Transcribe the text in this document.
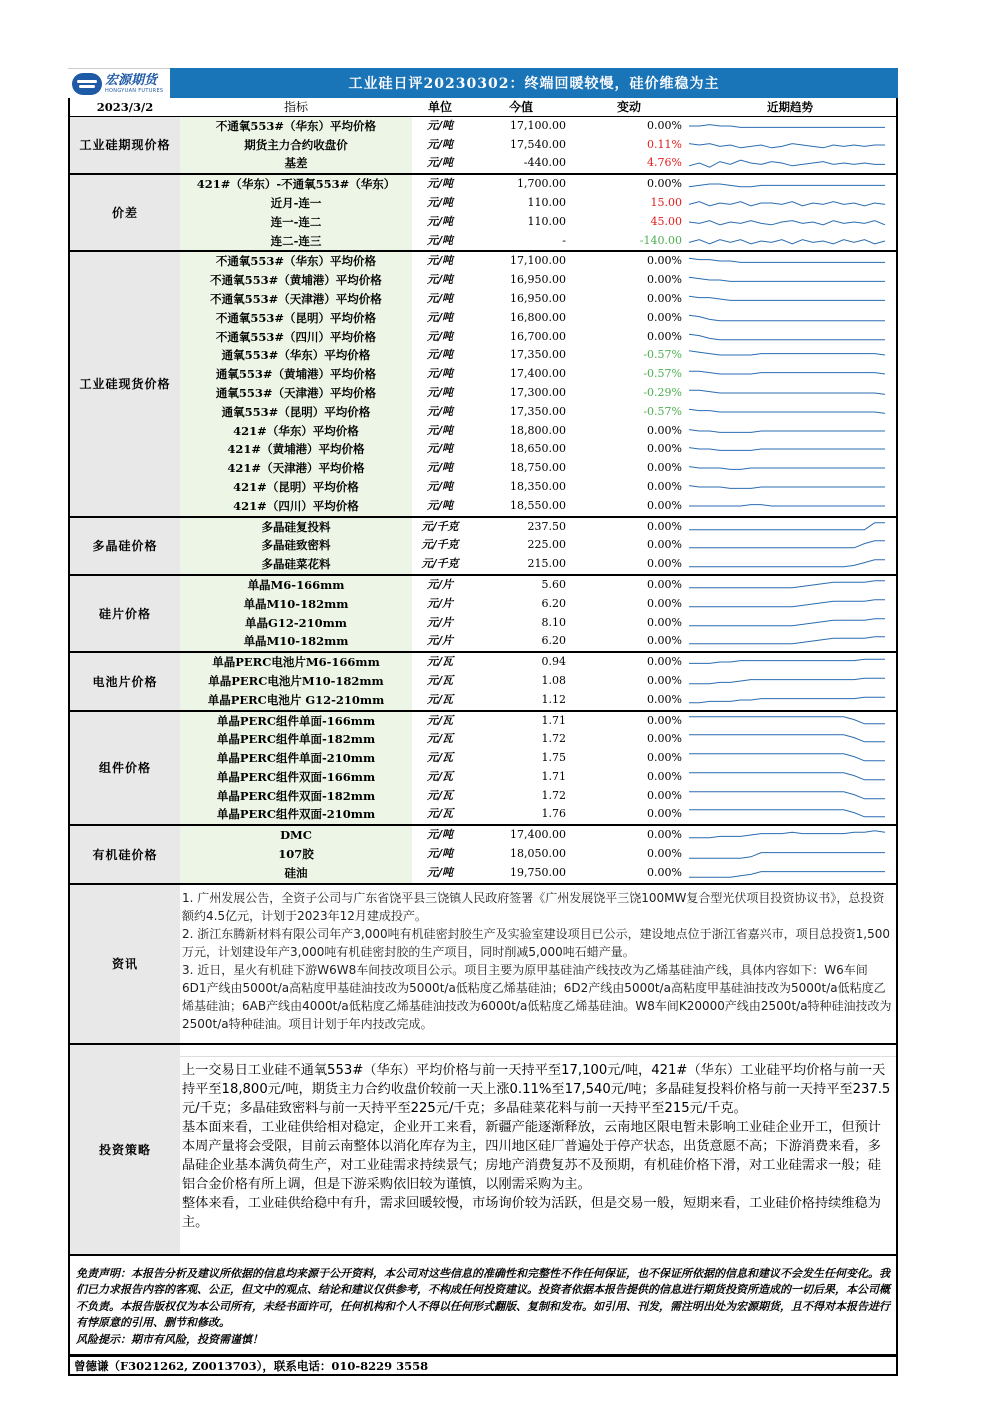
宏源期货
HONGYUAN FUTURES	工业硅日评20230302：终端回暖较慢，硅价维稳为主
2023/3/2	指标	单位	今值	变动	近期趋势
工业硅期现价格
不通氧553#（华东）平均价格	元/吨	17,100.00	0.00%
期货主力合约收盘价	元/吨	17,540.00	0.11%
基差	元/吨	-440.00	4.76%
价差
421#（华东）-不通氧553#（华东）	元/吨	1,700.00	0.00%
近月-连一	元/吨	110.00	15.00
连一-连二	元/吨	110.00	45.00
连二-连三	元/吨	-	-140.00
工业硅现货价格
不通氧553#（华东）平均价格	元/吨	17,100.00	0.00%
不通氧553#（黄埔港）平均价格	元/吨	16,950.00	0.00%
不通氧553#（天津港）平均价格	元/吨	16,950.00	0.00%
不通氧553#（昆明）平均价格	元/吨	16,800.00	0.00%
不通氧553#（四川）平均价格	元/吨	16,700.00	0.00%
通氧553#（华东）平均价格	元/吨	17,350.00	-0.57%
通氧553#（黄埔港）平均价格	元/吨	17,400.00	-0.57%
通氧553#（天津港）平均价格	元/吨	17,300.00	-0.29%
通氧553#（昆明）平均价格	元/吨	17,350.00	-0.57%
421#（华东）平均价格	元/吨	18,800.00	0.00%
421#（黄埔港）平均价格	元/吨	18,650.00	0.00%
421#（天津港）平均价格	元/吨	18,750.00	0.00%
421#（昆明）平均价格	元/吨	18,350.00	0.00%
421#（四川）平均价格	元/吨	18,550.00	0.00%
多晶硅价格
多晶硅复投料	元/千克	237.50	0.00%
多晶硅致密料	元/千克	225.00	0.00%
多晶硅菜花料	元/千克	215.00	0.00%
硅片价格
单晶M6-166mm	元/片	5.60	0.00%
单晶M10-182mm	元/片	6.20	0.00%
单晶G12-210mm	元/片	8.10	0.00%
单晶M10-182mm	元/片	6.20	0.00%
电池片价格
单晶PERC电池片M6-166mm	元/瓦	0.94	0.00%
单晶PERC电池片M10-182mm	元/瓦	1.08	0.00%
单晶PERC电池片 G12-210mm	元/瓦	1.12	0.00%
组件价格
单晶PERC组件单面-166mm	元/瓦	1.71	0.00%
单晶PERC组件单面-182mm	元/瓦	1.72	0.00%
单晶PERC组件单面-210mm	元/瓦	1.75	0.00%
单晶PERC组件双面-166mm	元/瓦	1.71	0.00%
单晶PERC组件双面-182mm	元/瓦	1.72	0.00%
单晶PERC组件双面-210mm	元/瓦	1.76	0.00%
有机硅价格
DMC	元/吨	17,400.00	0.00%
107胶	元/吨	18,050.00	0.00%
硅油	元/吨	19,750.00	0.00%
资讯

1. 广州发展公告，全资子公司与广东省饶平县三饶镇人民政府签署《广州发展饶平三饶100MW复合型光伏项目投资协议书》，总投资额约4.5亿元，计划于2023年12月建成投产。

2. 浙江东腾新材料有限公司年产3,000吨有机硅密封胶生产及实验室建设项目已公示，建设地点位于浙江省嘉兴市，项目总投资1,500万元，计划建设年产3,000吨有机硅密封胶的生产项目，同时削减5,000吨石蜡产量。

3. 近日，星火有机硅下游W6W8车间技改项目公示。项目主要为原甲基硅油产线技改为乙烯基硅油产线，具体内容如下：W6车间6D1产线由5000t/a高粘度甲基硅油技改为5000t/a低粘度乙烯基硅油；6D2产线由5000t/a高粘度甲基硅油技改为5000t/a低粘度乙烯基硅油；6AB产线由4000t/a低粘度乙烯基硅油技改为6000t/a低粘度乙烯基硅油。W8车间K20000产线由2500t/a特种硅油技改为2500t/a特种硅油。项目计划于年内技改完成。

投资策略

上一交易日工业硅不通氧553#（华东）平均价格与前一天持平至17,100元/吨，421#（华东）工业硅平均价格与前一天持平至18,800元/吨，期货主力合约收盘价较前一天上涨0.11%至17,540元/吨；多晶硅复投料价格与前一天持平至237.5元/千克；多晶硅致密料与前一天持平至225元/千克；多晶硅菜花料与前一天持平至215元/千克。

基本面来看，工业硅供给相对稳定，企业开工来看，新疆产能逐渐释放，云南地区限电暂未影响工业硅企业开工，但预计本周产量将会受限，目前云南整体以消化库存为主，四川地区硅厂普遍处于停产状态，出货意愿不高；下游消费来看，多晶硅企业基本满负荷生产，对工业硅需求持续景气；房地产消费复苏不及预期，有机硅价格下滑，对工业硅需求一般；硅铝合金价格有所上调，但是下游采购依旧较为谨慎，以刚需采购为主。

整体来看，工业硅供给稳中有升，需求回暖较慢，市场询价较为活跃，但是交易一般，短期来看，工业硅价格持续维稳为主。

免责声明：本报告分析及建议所依据的信息均来源于公开资料，本公司对这些信息的准确性和完整性不作任何保证，也不保证所依据的信息和建议不会发生任何变化。我们已力求报告内容的客观、公正，但文中的观点、结论和建议仅供参考，不构成任何投资建议。投资者依据本报告提供的信息进行期货投资所造成的一切后果，本公司概不负责。本报告版权仅为本公司所有，未经书面许可，任何机构和个人不得以任何形式翻版、复制和发布。如引用、刊发，需注明出处为宏源期货，且不得对本报告进行有悖原意的引用、删节和修改。
风险提示：期市有风险，投资需谨慎！
曾德谦（F3021262, Z0013703），联系电话：010-8229 3558
